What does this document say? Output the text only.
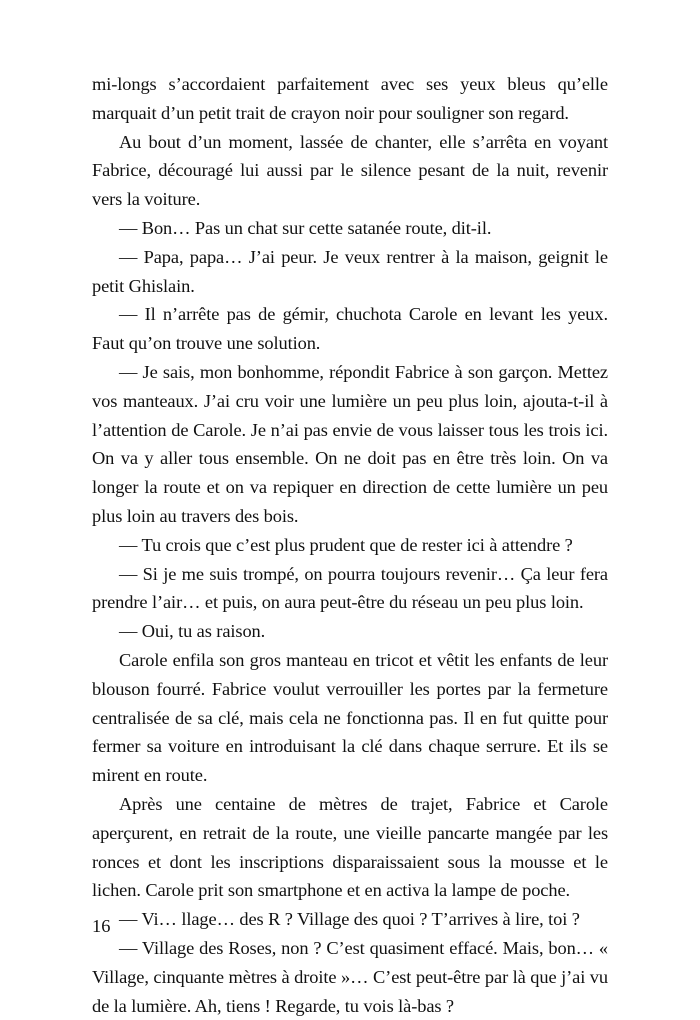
mi-longs s’accordaient parfaitement avec ses yeux bleus qu’elle marquait d’un petit trait de crayon noir pour souligner son regard.

Au bout d’un moment, lassée de chanter, elle s’arrêta en voyant Fabrice, découragé lui aussi par le silence pesant de la nuit, revenir vers la voiture.

— Bon… Pas un chat sur cette satanée route, dit-il.

— Papa, papa… J’ai peur. Je veux rentrer à la maison, geignit le petit Ghislain.

— Il n’arrête pas de gémir, chuchota Carole en levant les yeux. Faut qu’on trouve une solution.

— Je sais, mon bonhomme, répondit Fabrice à son garçon. Mettez vos manteaux. J’ai cru voir une lumière un peu plus loin, ajouta-t-il à l’attention de Carole. Je n’ai pas envie de vous laisser tous les trois ici. On va y aller tous ensemble. On ne doit pas en être très loin. On va longer la route et on va repiquer en direction de cette lumière un peu plus loin au travers des bois.

— Tu crois que c’est plus prudent que de rester ici à attendre ?

— Si je me suis trompé, on pourra toujours revenir… Ça leur fera prendre l’air… et puis, on aura peut-être du réseau un peu plus loin.

— Oui, tu as raison.

Carole enfila son gros manteau en tricot et vêtit les enfants de leur blouson fourré. Fabrice voulut verrouiller les portes par la fermeture centralisée de sa clé, mais cela ne fonctionna pas. Il en fut quitte pour fermer sa voiture en introduisant la clé dans chaque serrure. Et ils se mirent en route.

Après une centaine de mètres de trajet, Fabrice et Carole aperçurent, en retrait de la route, une vieille pancarte mangée par les ronces et dont les inscriptions disparaissaient sous la mousse et le lichen. Carole prit son smartphone et en activa la lampe de poche.

— Vi… llage… des R ? Village des quoi ? T’arrives à lire, toi ?

— Village des Roses, non ? C’est quasiment effacé. Mais, bon… « Village, cinquante mètres à droite »… C’est peut-être par là que j’ai vu de la lumière. Ah, tiens ! Regarde, tu vois là-bas ?

16
